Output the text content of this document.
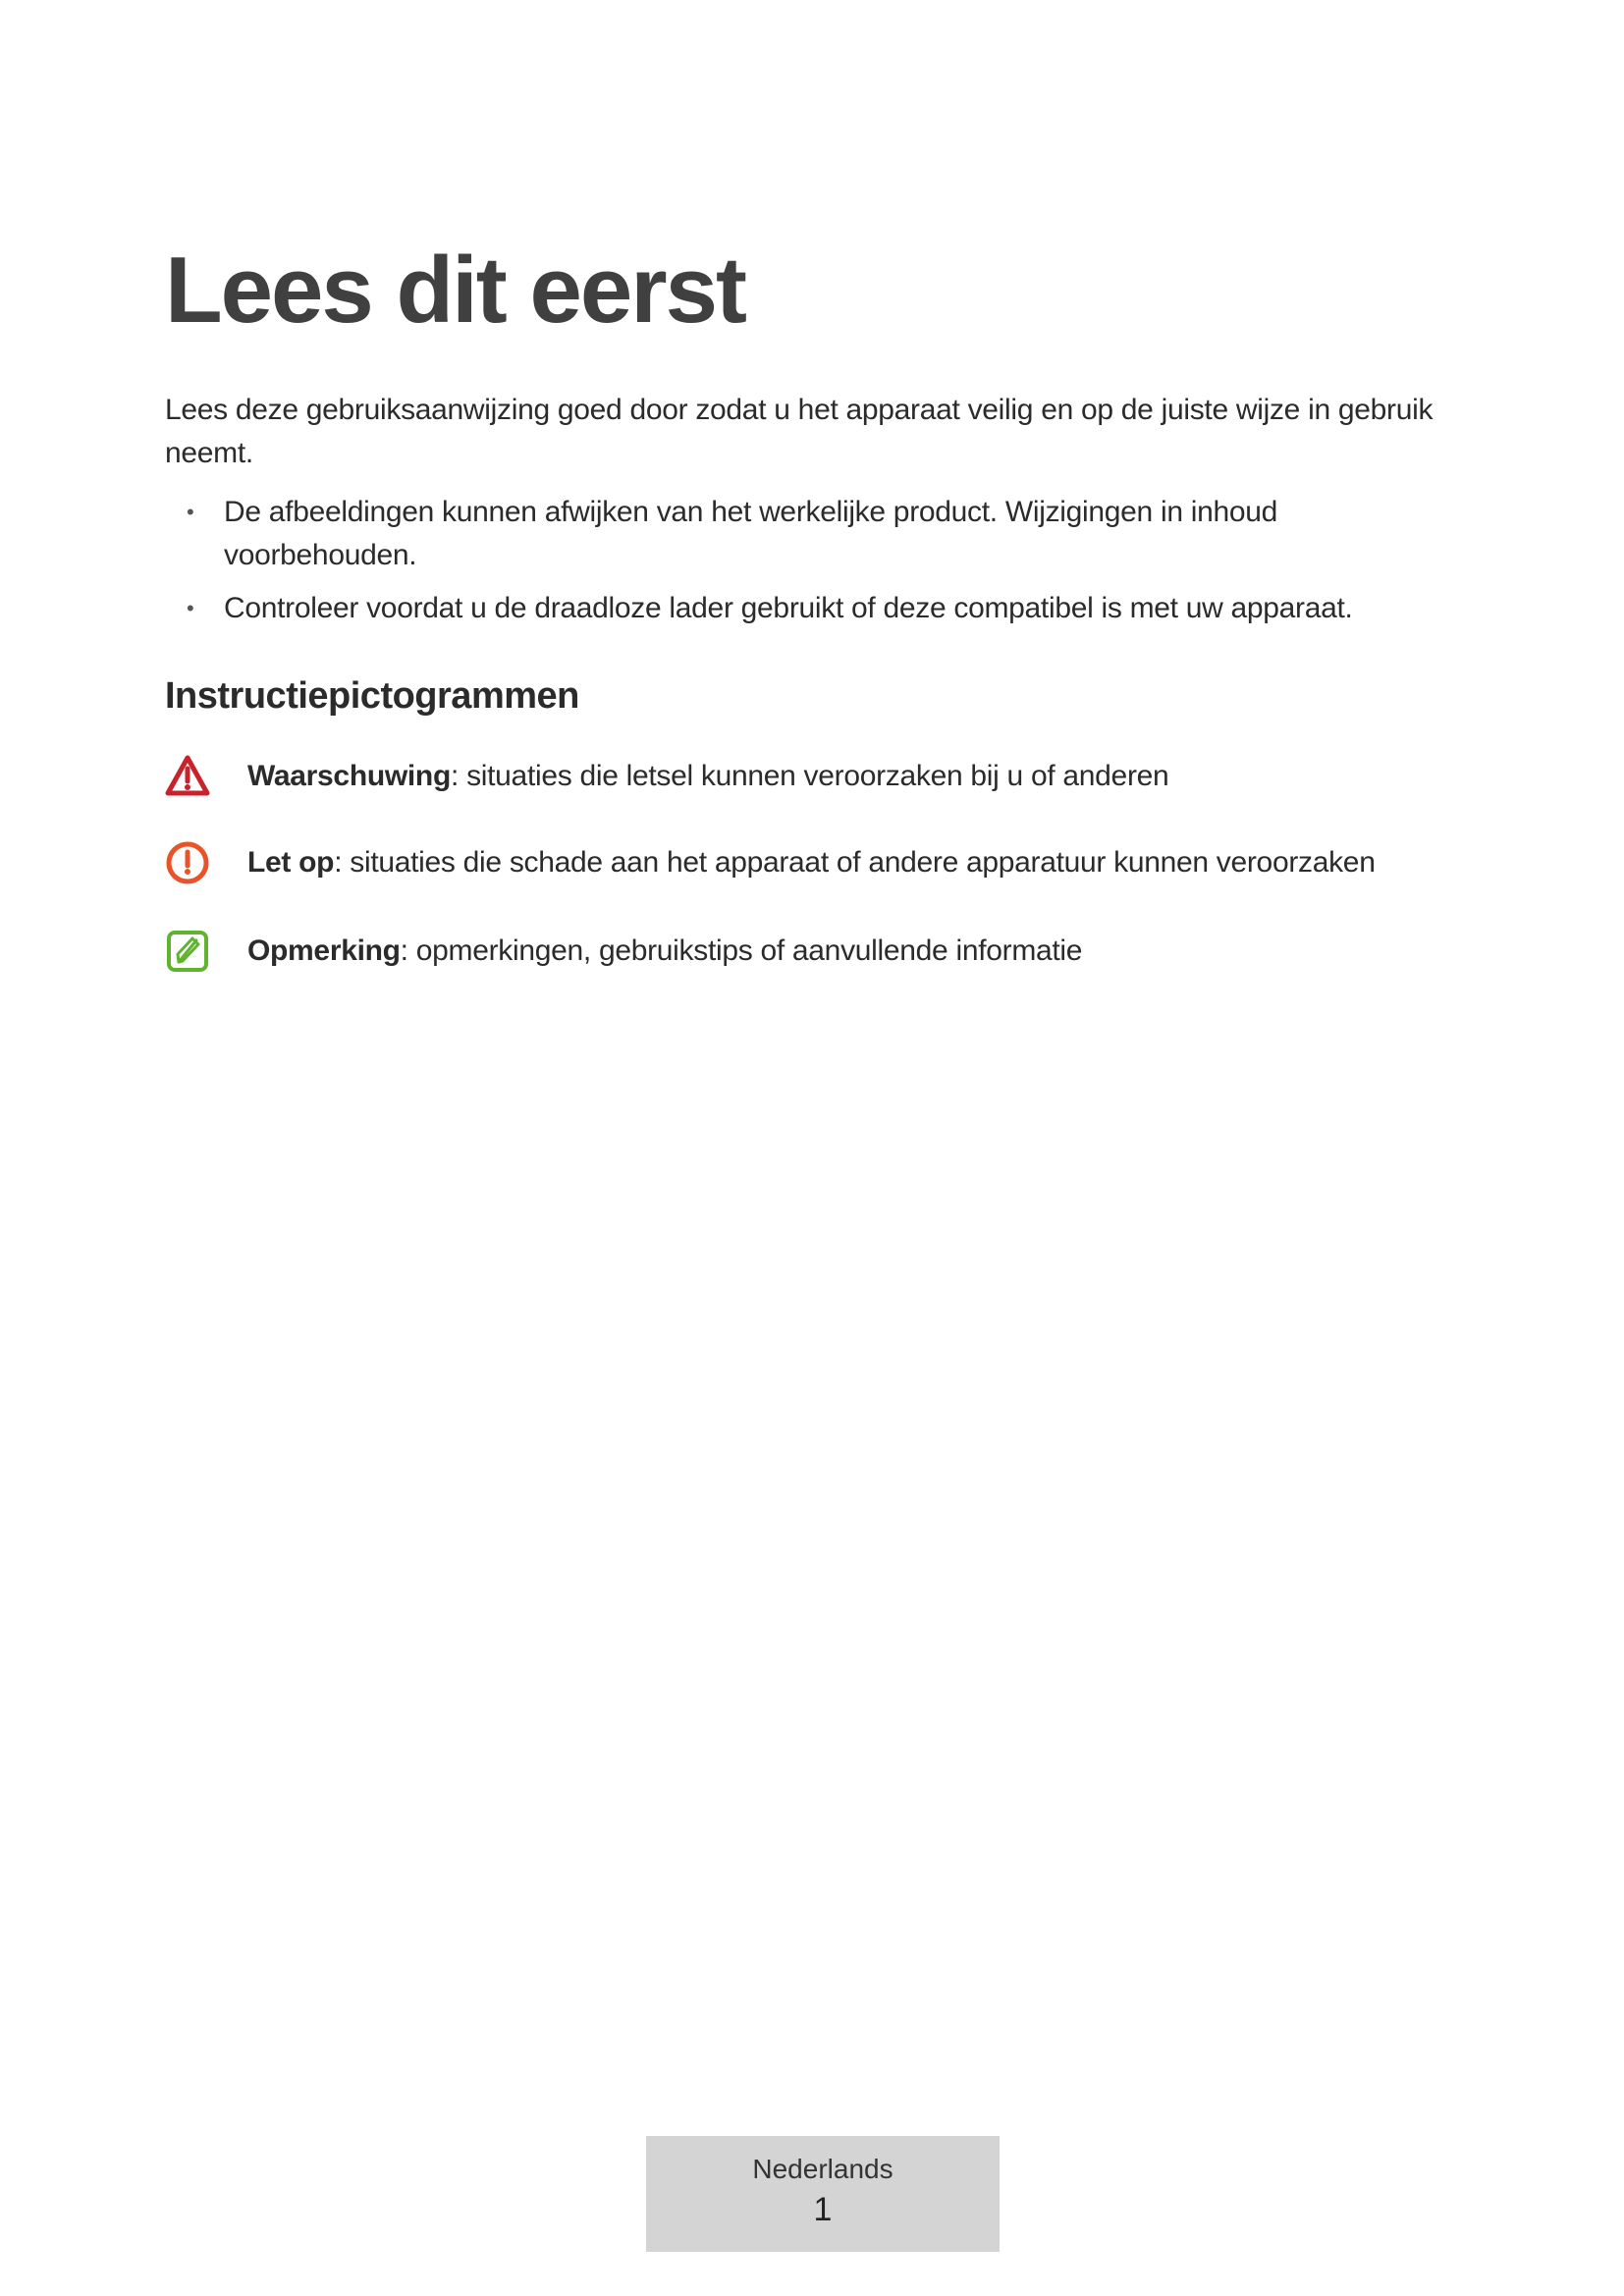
Lees dit eerst

Lees deze gebruiksaanwijzing goed door zodat u het apparaat veilig en op de juiste wijze in gebruik neemt.

• De afbeeldingen kunnen afwijken van het werkelijke product. Wijzigingen in inhoud voorbehouden.
• Controleer voordat u de draadloze lader gebruikt of deze compatibel is met uw apparaat.
Instructiepictogrammen
Waarschuwing : situaties die letsel kunnen veroorzaken bij u of anderen
Let op : situaties die schade aan het apparaat of andere apparatuur kunnen veroorzaken
Opmerking : opmerkingen, gebruikstips of aanvullende informatie
Nederlands
1
